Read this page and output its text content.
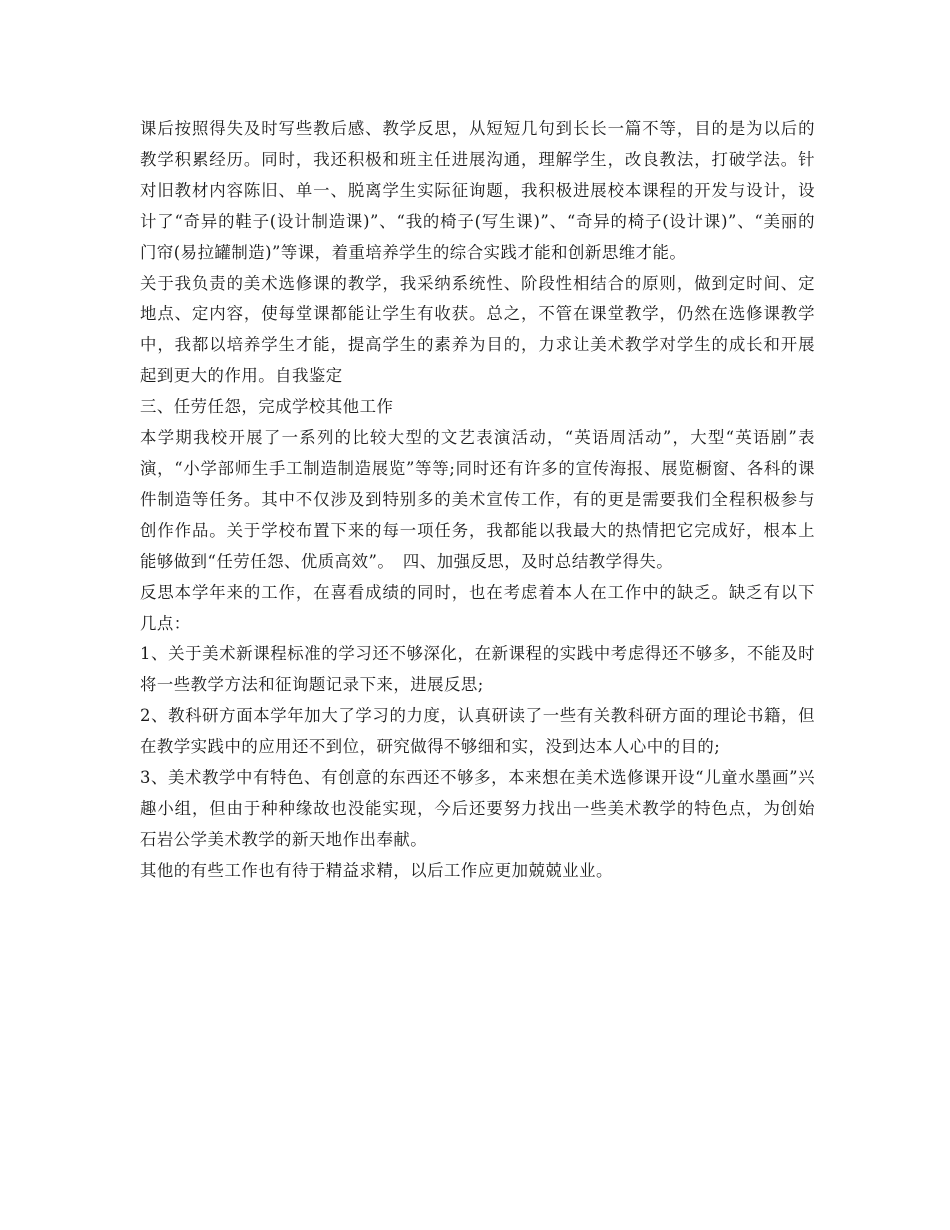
课后按照得失及时写些教后感、教学反思，从短短几句到长长一篇不等，目的是为以后的教学积累经历。同时，我还积极和班主任进展沟通，理解学生，改良教法，打破学法。针对旧教材内容陈旧、单一、脱离学生实际征询题，我积极进展校本课程的开发与设计，设计了“奇异的鞋子(设计制造课)”、“我的椅子(写生课)”、“奇异的椅子(设计课)”、“美丽的门帘(易拉罐制造)”等课，着重培养学生的综合实践才能和创新思维才能。

关于我负责的美术选修课的教学，我采纳系统性、阶段性相结合的原则，做到定时间、定地点、定内容，使每堂课都能让学生有收获。总之，不管在课堂教学，仍然在选修课教学中，我都以培养学生才能，提高学生的素养为目的，力求让美术教学对学生的成长和开展起到更大的作用。自我鉴定

三、任劳任怨，完成学校其他工作

本学期我校开展了一系列的比较大型的文艺表演活动，“英语周活动”，大型“英语剧”表演，“小学部师生手工制造制造展览”等等;同时还有许多的宣传海报、展览橱窗、各科的课件制造等任务。其中不仅涉及到特别多的美术宣传工作，有的更是需要我们全程积极参与创作作品。关于学校布置下来的每一项任务，我都能以我最大的热情把它完成好，根本上能够做到“任劳任怨、优质高效”。　四、加强反思，及时总结教学得失。

反思本学年来的工作，在喜看成绩的同时，也在考虑着本人在工作中的缺乏。缺乏有以下几点：

1、关于美术新课程标准的学习还不够深化，在新课程的实践中考虑得还不够多，不能及时将一些教学方法和征询题记录下来，进展反思;

2、教科研方面本学年加大了学习的力度，认真研读了一些有关教科研方面的理论书籍，但在教学实践中的应用还不到位，研究做得不够细和实，没到达本人心中的目的;

3、美术教学中有特色、有创意的东西还不够多，本来想在美术选修课开设“儿童水墨画”兴趣小组，但由于种种缘故也没能实现，今后还要努力找出一些美术教学的特色点，为创始石岩公学美术教学的新天地作出奉献。

其他的有些工作也有待于精益求精，以后工作应更加兢兢业业。
